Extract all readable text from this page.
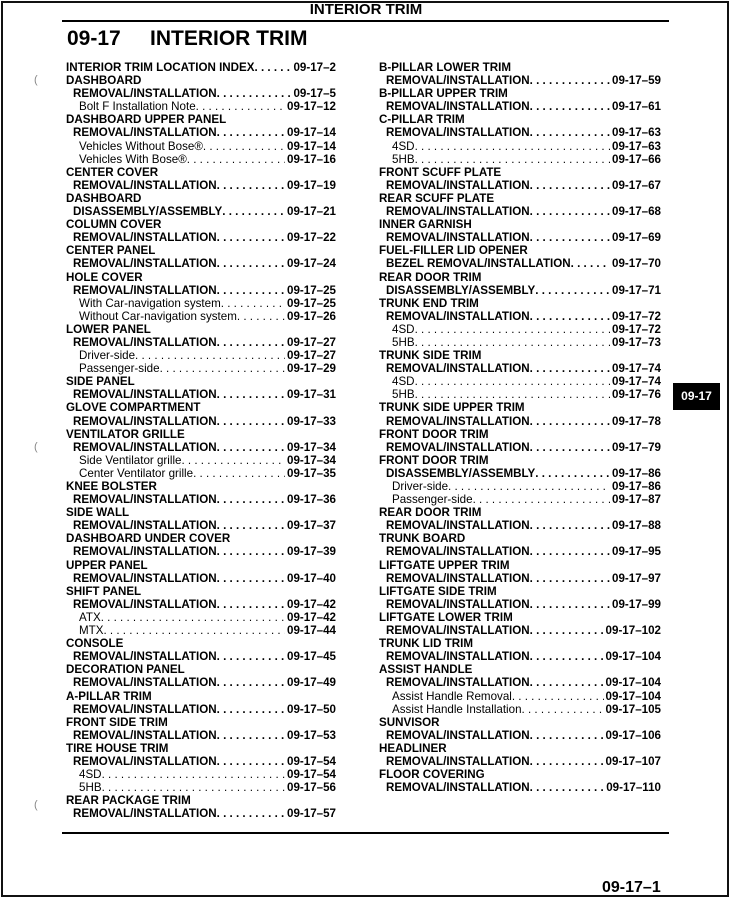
INTERIOR TRIM
09-17 INTERIOR TRIM
INTERIOR TRIM LOCATION INDEX . . .	09-17–2
DASHBOARD
REMOVAL/INSTALLATION . . .	09-17–5
Bolt F Installation Note . . .	09-17–12
DASHBOARD UPPER PANEL
REMOVAL/INSTALLATION . . .	09-17–14
Vehicles Without Bose® . . .	09-17–14
Vehicles With Bose® . . .	09-17–16
CENTER COVER
REMOVAL/INSTALLATION . . .	09-17–19
DASHBOARD
DISASSEMBLY/ASSEMBLY . . .	09-17–21
COLUMN COVER
REMOVAL/INSTALLATION . . .	09-17–22
CENTER PANEL
REMOVAL/INSTALLATION . . .	09-17–24
HOLE COVER
REMOVAL/INSTALLATION . . .	09-17–25
With Car-navigation system . . .	09-17–25
Without Car-navigation system . . .	09-17–26
LOWER PANEL
REMOVAL/INSTALLATION . . .	09-17–27
Driver-side . . .	09-17–27
Passenger-side . . .	09-17–29
SIDE PANEL
REMOVAL/INSTALLATION . . .	09-17–31
GLOVE COMPARTMENT
REMOVAL/INSTALLATION . . .	09-17–33
VENTILATOR GRILLE
REMOVAL/INSTALLATION . . .	09-17–34
Side Ventilator grille . . .	09-17–34
Center Ventilator grille . . .	09-17–35
KNEE BOLSTER
REMOVAL/INSTALLATION . . .	09-17–36
SIDE WALL
REMOVAL/INSTALLATION . . .	09-17–37
DASHBOARD UNDER COVER
REMOVAL/INSTALLATION . . .	09-17–39
UPPER PANEL
REMOVAL/INSTALLATION . . .	09-17–40
SHIFT PANEL
REMOVAL/INSTALLATION . . .	09-17–42
ATX . . .	09-17–42
MTX . . .	09-17–44
CONSOLE
REMOVAL/INSTALLATION . . .	09-17–45
DECORATION PANEL
REMOVAL/INSTALLATION . . .	09-17–49
A-PILLAR TRIM
REMOVAL/INSTALLATION . . .	09-17–50
FRONT SIDE TRIM
REMOVAL/INSTALLATION . . .	09-17–53
TIRE HOUSE TRIM
REMOVAL/INSTALLATION . . .	09-17–54
4SD . . .	09-17–54
5HB . . .	09-17–56
REAR PACKAGE TRIM
REMOVAL/INSTALLATION . . .	09-17–57
B-PILLAR LOWER TRIM
REMOVAL/INSTALLATION . . .	09-17–59
B-PILLAR UPPER TRIM
REMOVAL/INSTALLATION . . .	09-17–61
C-PILLAR TRIM
REMOVAL/INSTALLATION . . .	09-17–63
4SD . . .	09-17–63
5HB . . .	09-17–66
FRONT SCUFF PLATE
REMOVAL/INSTALLATION . . .	09-17–67
REAR SCUFF PLATE
REMOVAL/INSTALLATION . . .	09-17–68
INNER GARNISH
REMOVAL/INSTALLATION . . .	09-17–69
FUEL-FILLER LID OPENER
BEZEL REMOVAL/INSTALLATION . . .	09-17–70
REAR DOOR TRIM
DISASSEMBLY/ASSEMBLY . . .	09-17–71
TRUNK END TRIM
REMOVAL/INSTALLATION . . .	09-17–72
4SD . . .	09-17–72
5HB . . .	09-17–73
TRUNK SIDE TRIM
REMOVAL/INSTALLATION . . .	09-17–74
4SD . . .	09-17–74
5HB . . .	09-17–76
TRUNK SIDE UPPER TRIM
REMOVAL/INSTALLATION . . .	09-17–78
FRONT DOOR TRIM
REMOVAL/INSTALLATION . . .	09-17–79
FRONT DOOR TRIM
DISASSEMBLY/ASSEMBLY . . .	09-17–86
Driver-side . . .	09-17–86
Passenger-side . . .	09-17–87
REAR DOOR TRIM
REMOVAL/INSTALLATION . . .	09-17–88
TRUNK BOARD
REMOVAL/INSTALLATION . . .	09-17–95
LIFTGATE UPPER TRIM
REMOVAL/INSTALLATION . . .	09-17–97
LIFTGATE SIDE TRIM
REMOVAL/INSTALLATION . . .	09-17–99
LIFTGATE LOWER TRIM
REMOVAL/INSTALLATION . . .	09-17–102
TRUNK LID TRIM
REMOVAL/INSTALLATION . . .	09-17–104
ASSIST HANDLE
REMOVAL/INSTALLATION . . .	09-17–104
Assist Handle Removal . . .	09-17–104
Assist Handle Installation . . .	09-17–105
SUNVISOR
REMOVAL/INSTALLATION . . .	09-17–106
HEADLINER
REMOVAL/INSTALLATION . . .	09-17–107
FLOOR COVERING
REMOVAL/INSTALLATION . . .	09-17–110
09-17
(
(
(
09-17–1
